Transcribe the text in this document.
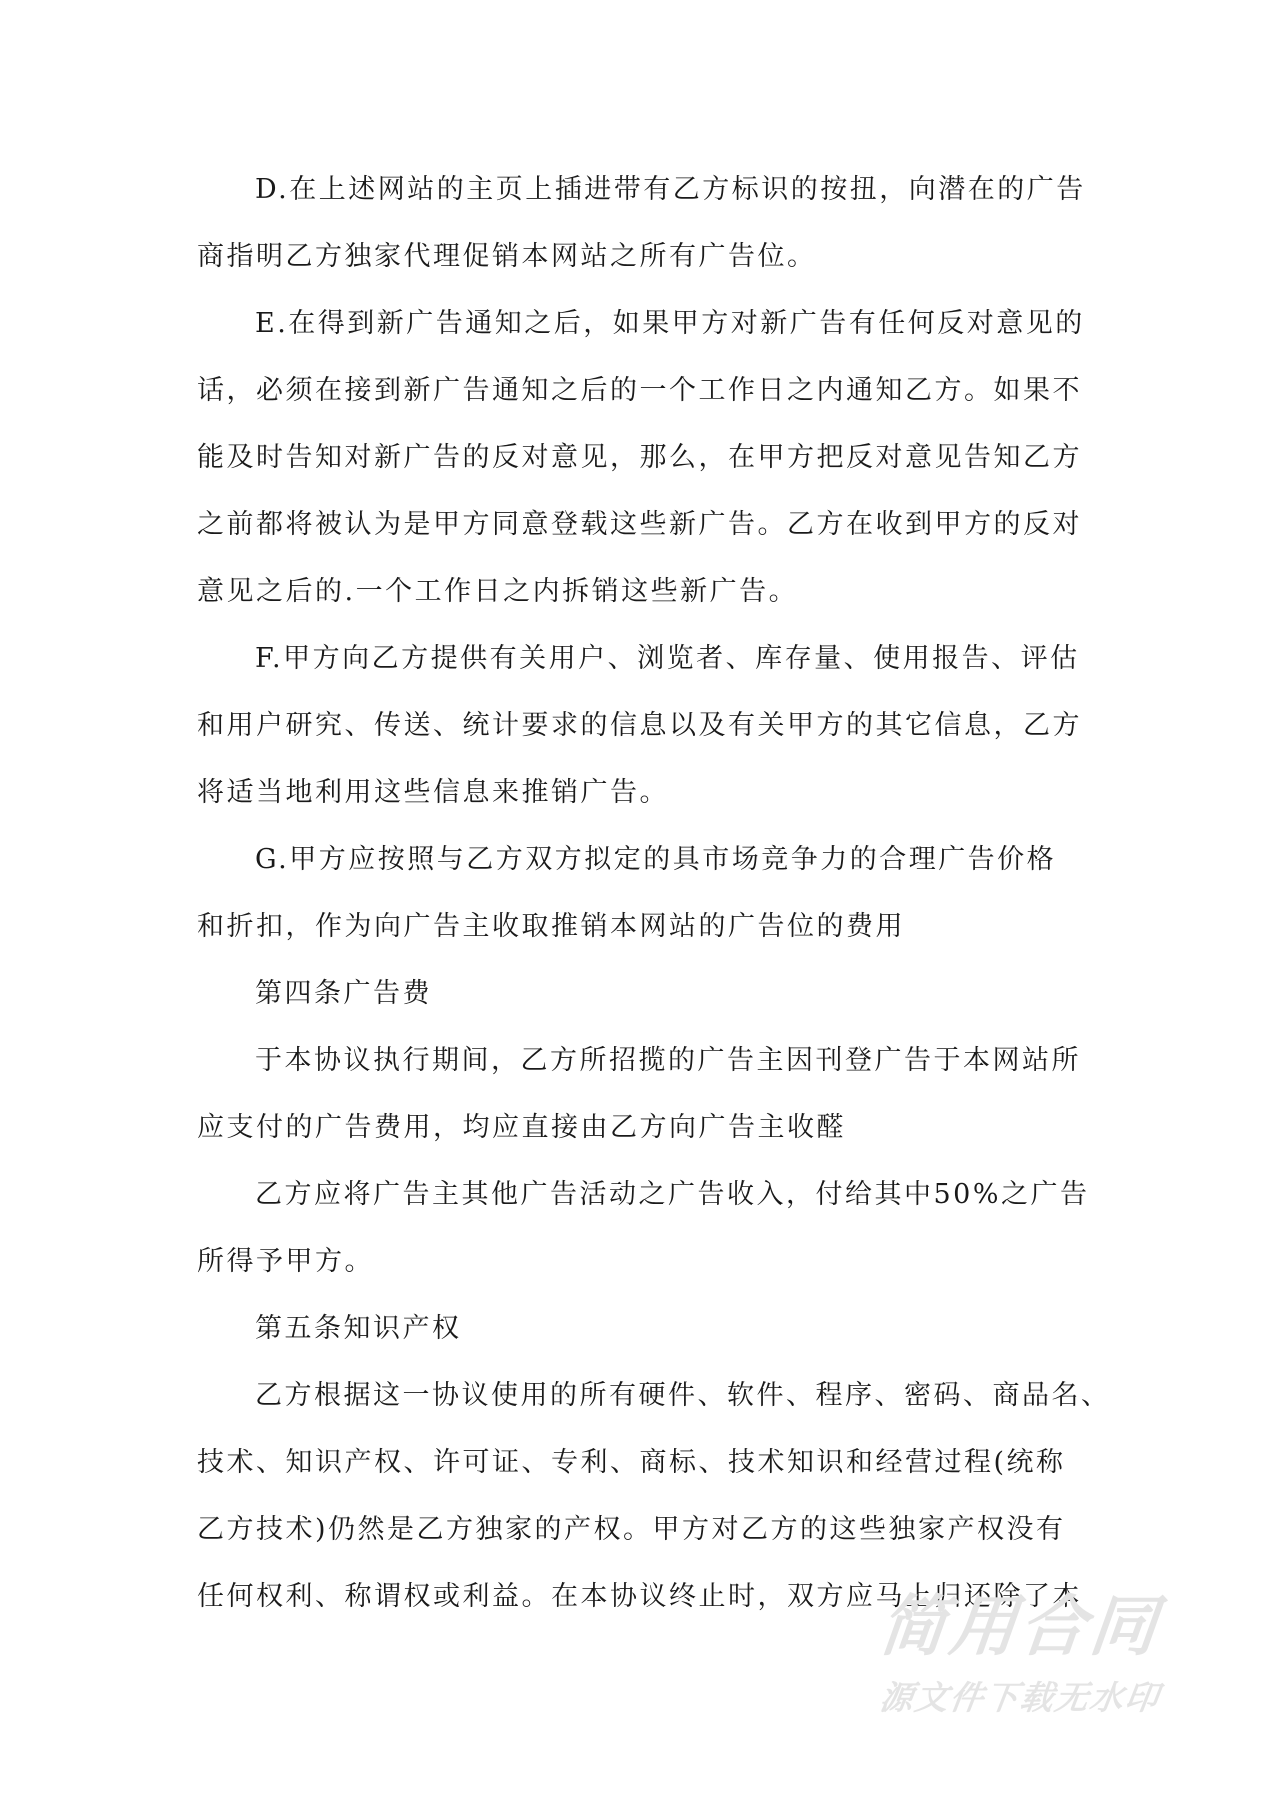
D.在上述网站的主页上插进带有乙方标识的按扭，向潜在的广告
商指明乙方独家代理促销本网站之所有广告位。
E.在得到新广告通知之后，如果甲方对新广告有任何反对意见的
话，必须在接到新广告通知之后的一个工作日之内通知乙方。如果不
能及时告知对新广告的反对意见，那么，在甲方把反对意见告知乙方
之前都将被认为是甲方同意登载这些新广告。乙方在收到甲方的反对
意见之后的.一个工作日之内拆销这些新广告。
F.甲方向乙方提供有关用户、浏览者、库存量、使用报告、评估
和用户研究、传送、统计要求的信息以及有关甲方的其它信息，乙方
将适当地利用这些信息来推销广告。
G.甲方应按照与乙方双方拟定的具市场竞争力的合理广告价格
和折扣，作为向广告主收取推销本网站的广告位的费用
第四条广告费
于本协议执行期间，乙方所招揽的广告主因刊登广告于本网站所
应支付的广告费用，均应直接由乙方向广告主收醛
乙方应将广告主其他广告活动之广告收入，付给其中50%之广告
所得予甲方。
第五条知识产权
乙方根据这一协议使用的所有硬件、软件、程序、密码、商品名、
技术、知识产权、许可证、专利、商标、技术知识和经营过程(统称
乙方技术)仍然是乙方独家的产权。甲方对乙方的这些独家产权没有
任何权利、称谓权或利益。在本协议终止时，双方应马上归还除了本
简用合同
源文件下载无水印
